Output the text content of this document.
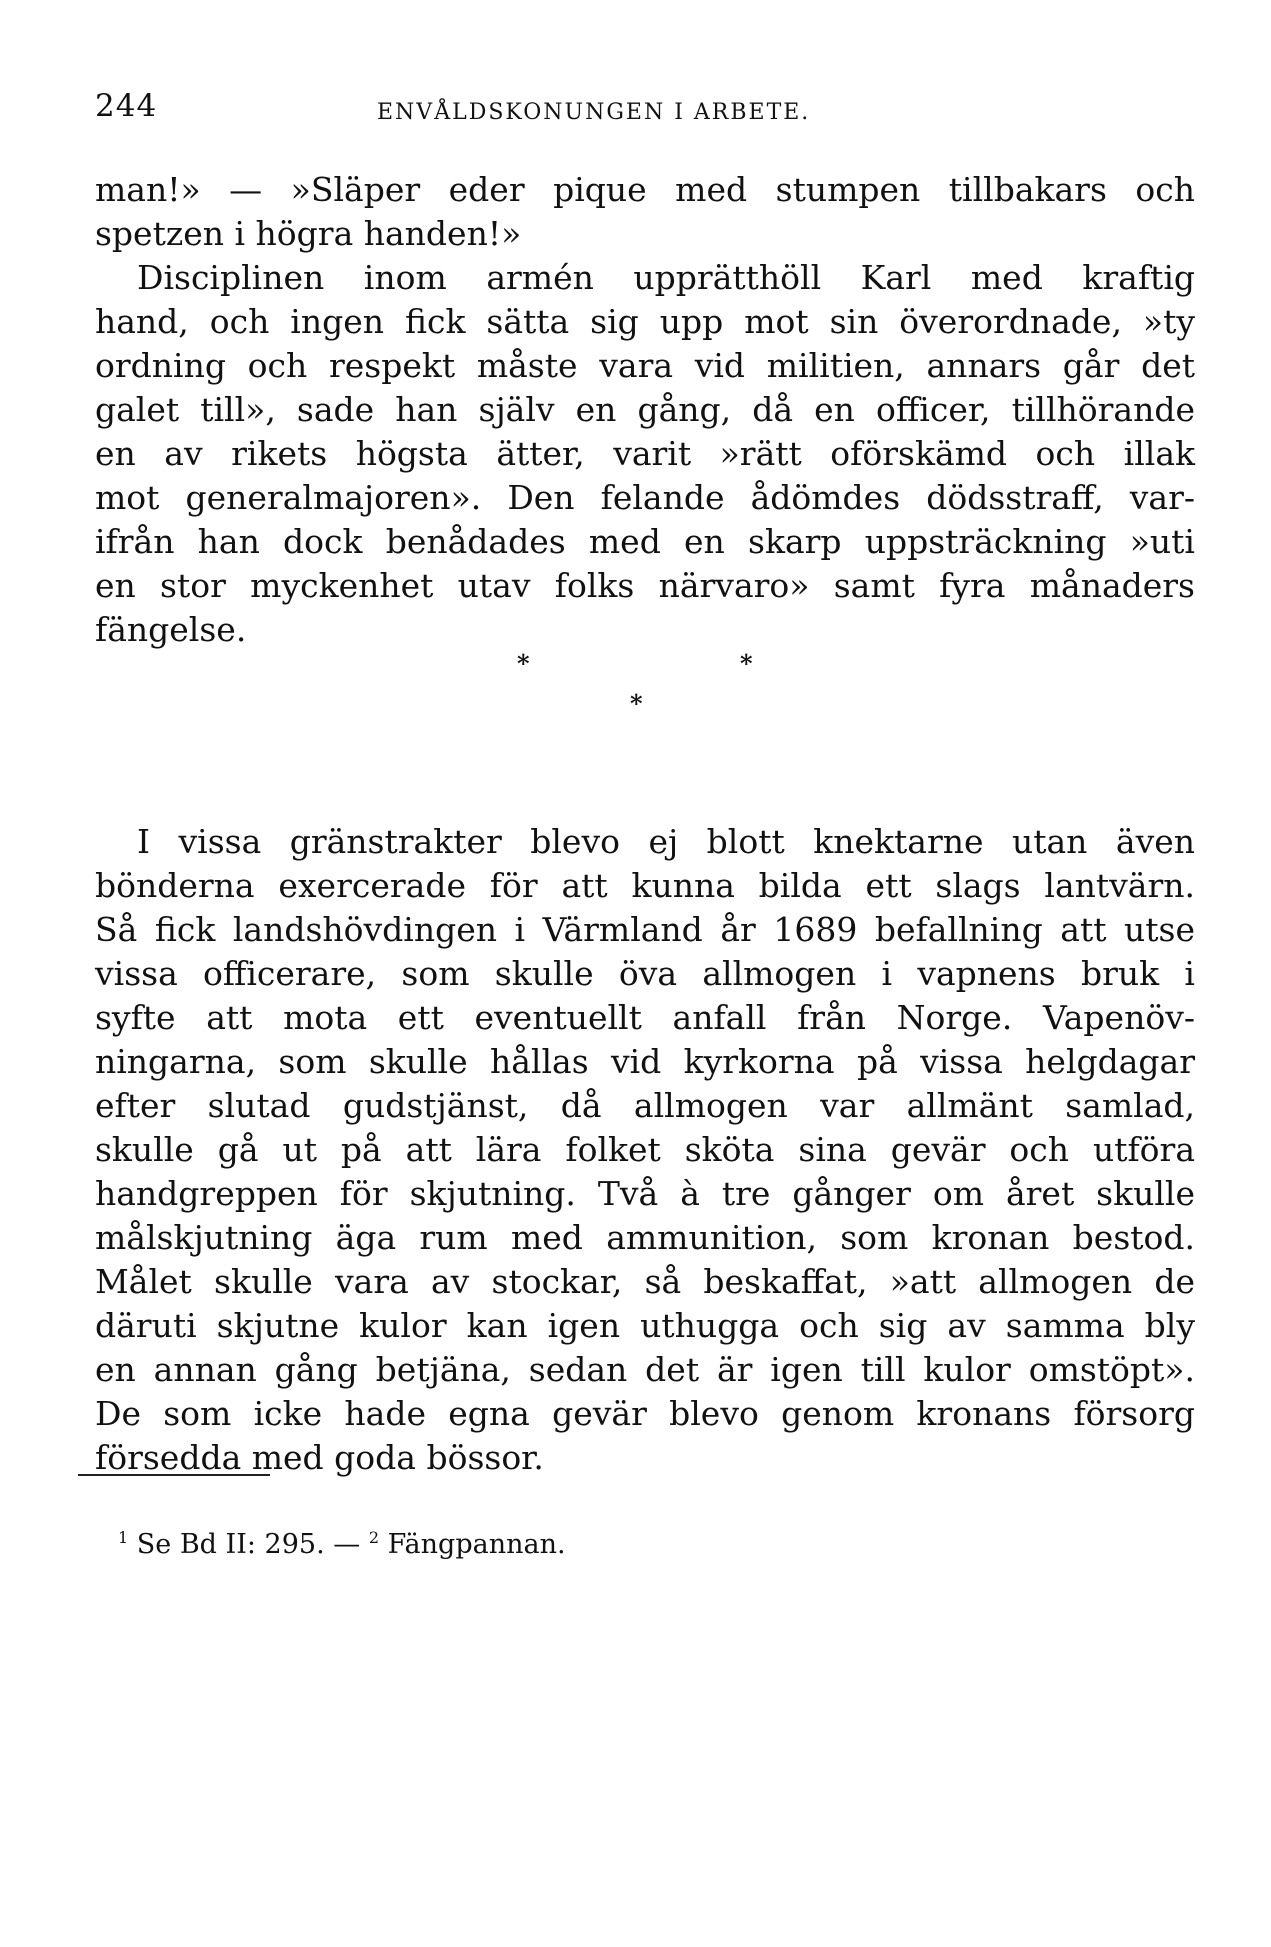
244	ENVÅLDSKONUNGEN I ARBETE.
man!» — »Släper eder pique med stumpen tillbakars och
spetzen i högra handen!»
Disciplinen inom armén upprätthöll Karl med kraftig
hand, och ingen fick sätta sig upp mot sin överordnade, »ty
ordning och respekt måste vara vid militien, annars går det
galet till», sade han själv en gång, då en officer, tillhörande
en av rikets högsta ätter, varit »rätt oförskämd och illak
mot generalmajoren». Den felande ådömdes dödsstraff, var-
ifrån han dock benådades med en skarp uppsträckning »uti
en stor myckenhet utav folks närvaro» samt fyra månaders
fängelse.
*	*
*
I vissa gränstrakter blevo ej blott knektarne utan även
bönderna exercerade för att kunna bilda ett slags lantvärn.
Så fick landshövdingen i Värmland år 1689 befallning att utse
vissa officerare, som skulle öva allmogen i vapnens bruk i
syfte att mota ett eventuellt anfall från Norge. Vapenöv-
ningarna, som skulle hållas vid kyrkorna på vissa helgdagar
efter slutad gudstjänst, då allmogen var allmänt samlad,
skulle gå ut på att lära folket sköta sina gevär och utföra
handgreppen för skjutning. Två à tre gånger om året skulle
målskjutning äga rum med ammunition, som kronan bestod.
Målet skulle vara av stockar, så beskaffat, »att allmogen de
däruti skjutne kulor kan igen uthugga och sig av samma bly
en annan gång betjäna, sedan det är igen till kulor omstöpt».
De som icke hade egna gevär blevo genom kronans försorg
försedda med goda bössor.
$^1$ Se Bd II: 295. — $^2$ Fängpannan.
